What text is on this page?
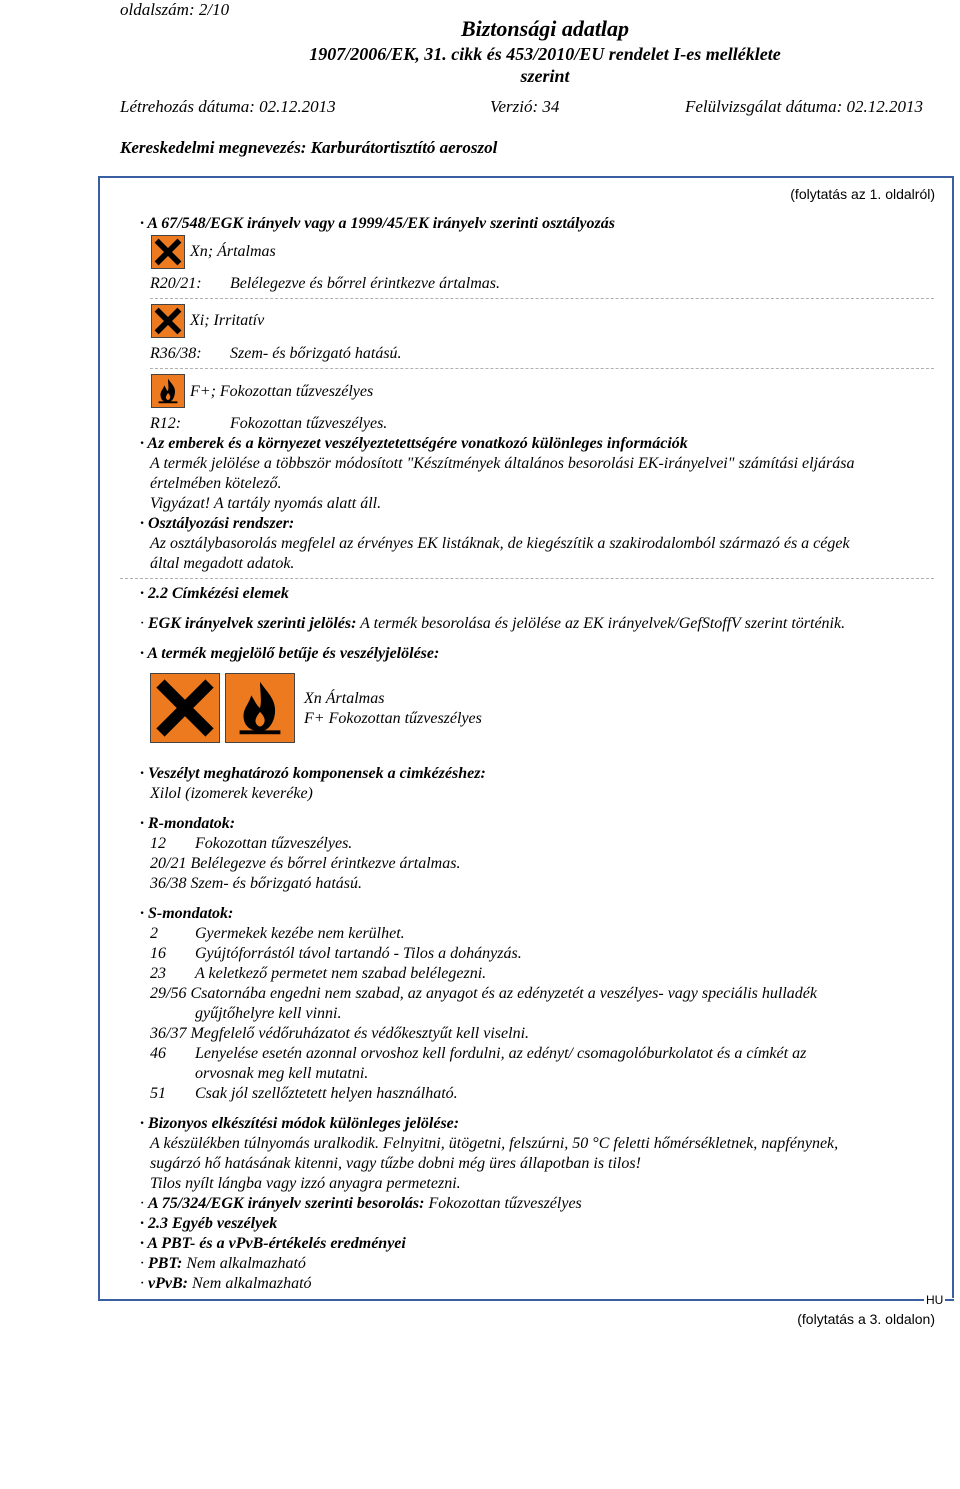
oldalszám: 2/10
Biztonsági adatlap
1907/2006/EK, 31. cikk és 453/2010/EU rendelet I-es melléklete
szerint
Létrehozás dátuma: 02.12.2013	Verzió: 34	Felülvizsgálat dátuma: 02.12.2013
Kereskedelmi megnevezés: Karburátortisztító aeroszol
(folytatás az 1. oldalról)
· A 67/548/EGK irányelv vagy a 1999/45/EK irányelv szerinti osztályozás
Xn; Ártalmas
R20/21: Belélegezve és bőrrel érintkezve ártalmas.
Xi; Irritatív
R36/38: Szem- és bőrizgató hatású.
F+; Fokozottan tűzveszélyes
R12:	Fokozottan tűzveszélyes.
· Az emberek és a környezet veszélyeztetettségére vonatkozó különleges információk
A termék jelölése a többször módosított "Készítmények általános besorolási EK-irányelvei" számítási eljárása
értelmében kötelező.
Vigyázat! A tartály nyomás alatt áll.
· Osztályozási rendszer:
Az osztálybasorolás megfelel az érvényes EK listáknak, de kiegészítik a szakirodalomból származó és a cégek
által megadott adatok.
· 2.2 Címkézési elemek
· EGK irányelvek szerinti jelölés: A termék besorolása és jelölése az EK irányelvek/GefStoffV szerint történik.
· A termék megjelölő betűje és veszélyjelölése:
Xn Ártalmas
F+ Fokozottan tűzveszélyes
· Veszélyt meghatározó komponensek a cimkézéshez:
Xilol (izomerek keveréke)
· R-mondatok:
12 Fokozottan tűzveszélyes.
20/21 Belélegezve és bőrrel érintkezve ártalmas.
36/38 Szem- és bőrizgató hatású.
· S-mondatok:
2 Gyermekek kezébe nem kerülhet.
16 Gyújtóforrástól távol tartandó - Tilos a dohányzás.
23 A keletkező permetet nem szabad belélegezni.
29/56 Csatornába engedni nem szabad, az anyagot és az edényzetét a veszélyes- vagy speciális hulladék
gyűjtőhelyre kell vinni.
36/37 Megfelelő védőruházatot és védőkesztyűt kell viselni.
46 Lenyelése esetén azonnal orvoshoz kell fordulni, az edényt/ csomagolóburkolatot és a címkét az
orvosnak meg kell mutatni.
51 Csak jól szellőztetett helyen használható.
· Bizonyos elkészítési módok különleges jelölése:
A készülékben túlnyomás uralkodik. Felnyitni, ütögetni, felszúrni, 50 °C feletti hőmérsékletnek, napfénynek,
sugárzó hő hatásának kitenni, vagy tűzbe dobni még üres állapotban is tilos!
Tilos nyílt lángba vagy izzó anyagra permetezni.
· A 75/324/EGK irányelv szerinti besorolás: Fokozottan tűzveszélyes
· 2.3 Egyéb veszélyek
· A PBT- és a vPvB-értékelés eredményei
· PBT: Nem alkalmazható
· vPvB: Nem alkalmazható
HU
(folytatás a 3. oldalon)
